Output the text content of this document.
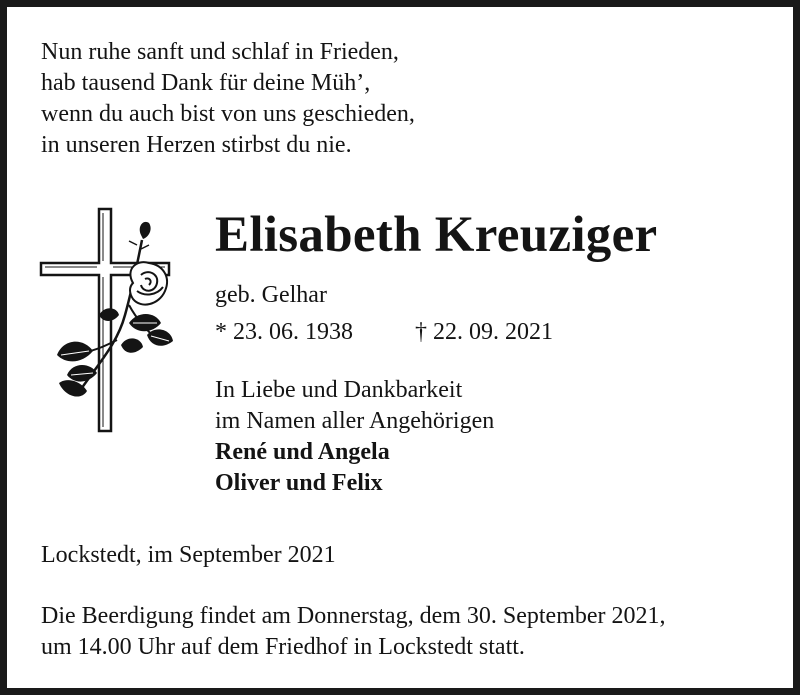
Nun ruhe sanft und schlaf in Frieden,
hab tausend Dank für deine Müh’,
wenn du auch bist von uns geschieden,
in unseren Herzen stirbst du nie.
Elisabeth Kreuziger
geb. Gelhar
* 23. 06. 1938	† 22. 09. 2021
In Liebe und Dankbarkeit
im Namen aller Angehörigen
René und Angela
Oliver und Felix
Lockstedt, im September 2021
Die Beerdigung findet am Donnerstag, dem 30. September 2021,
um 14.00 Uhr auf dem Friedhof in Lockstedt statt.
